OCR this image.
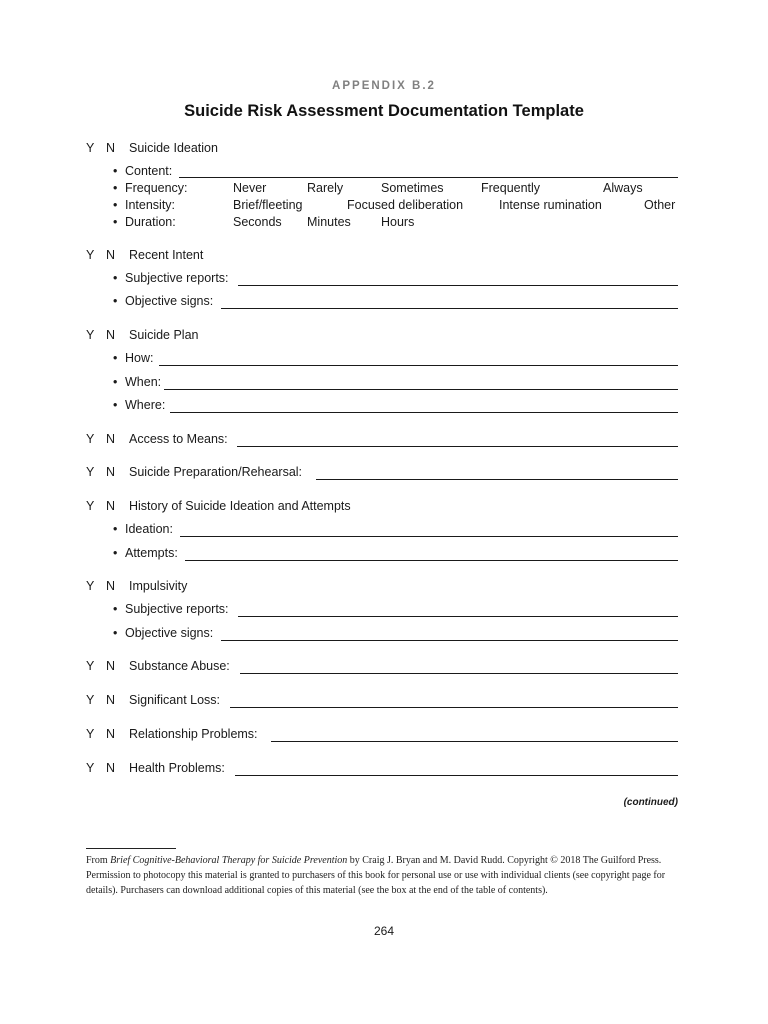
APPENDIX B.2
Suicide Risk Assessment Documentation Template
Y N Suicide Ideation
• Content:
• Frequency:	Never	Rarely	Sometimes	Frequently	Always
• Intensity:	Brief/fleeting	Focused deliberation	Intense rumination	Other
• Duration:	Seconds Minutes Hours
Y N Recent Intent
• Subjective reports:
• Objective signs:
Y N Suicide Plan
• How:
• When:
• Where:
Y N Access to Means:
Y N Suicide Preparation/Rehearsal:
Y N History of Suicide Ideation and Attempts
• Ideation:
• Attempts:
Y N Impulsivity
• Subjective reports:
• Objective signs:
Y N Substance Abuse:
Y N Significant Loss:
Y N Relationship Problems:
Y N Health Problems:
(continued)
From Brief Cognitive-Behavioral Therapy for Suicide Prevention by Craig J. Bryan and M. David Rudd. Copyright © 2018 The Guilford Press. Permission to photocopy this material is granted to purchasers of this book for personal use or use with individual clients (see copyright page for details). Purchasers can download additional copies of this material (see the box at the end of the table of contents).
264
